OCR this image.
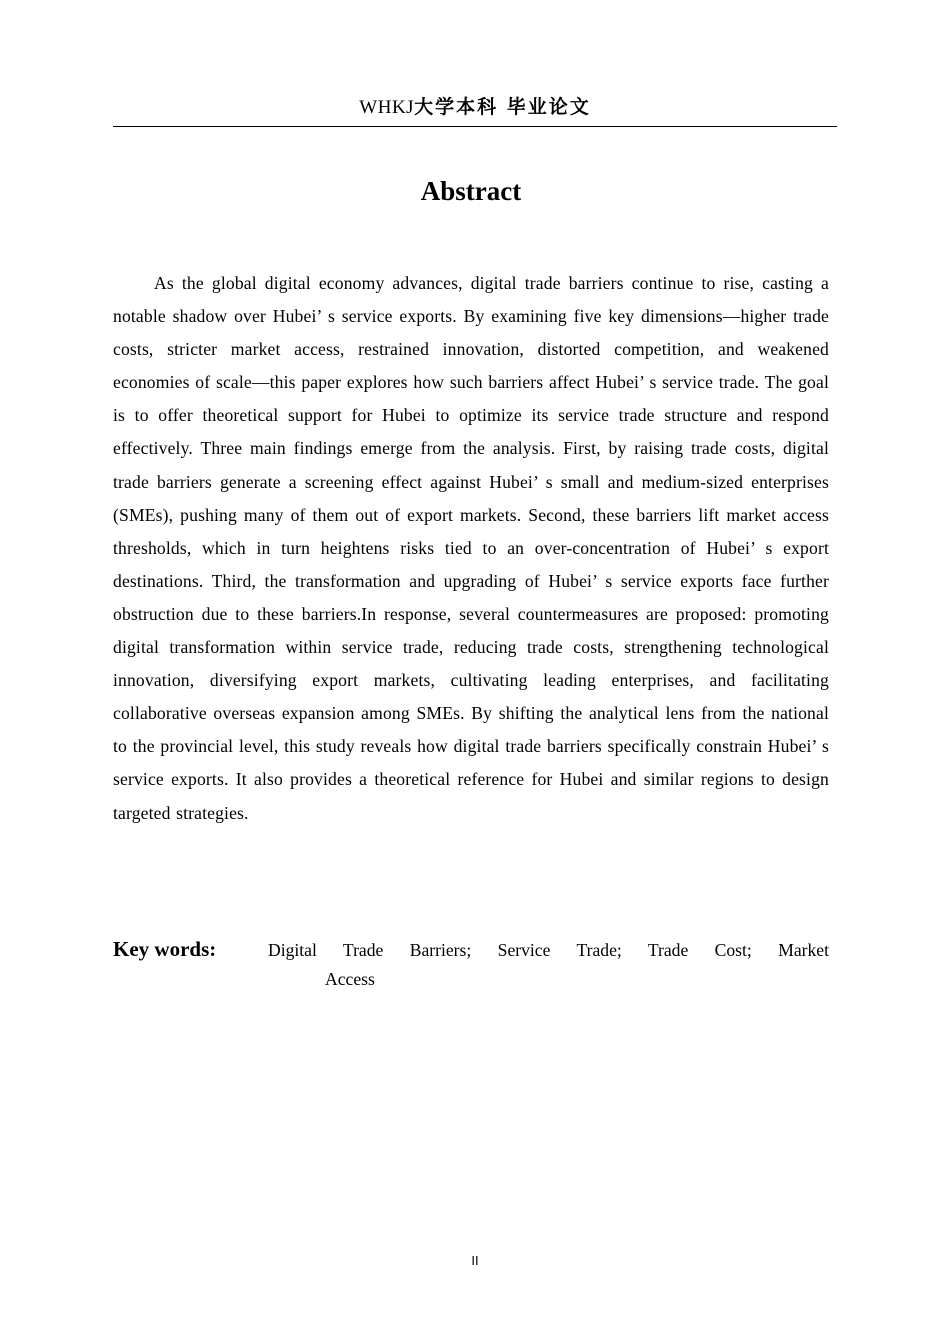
WHKJ大学本科 毕业论文
Abstract

As the global digital economy advances, digital trade barriers continue to rise, casting a notable shadow over Hubei’ s service exports. By examining five key dimensions—higher trade costs, stricter market access, restrained innovation, distorted competition, and weakened economies of scale—this paper explores how such barriers affect Hubei’ s service trade. The goal is to offer theoretical support for Hubei to optimize its service trade structure and respond effectively. Three main findings emerge from the analysis. First, by raising trade costs, digital trade barriers generate a screening effect against Hubei’ s small and medium-sized enterprises (SMEs), pushing many of them out of export markets. Second, these barriers lift market access thresholds, which in turn heightens risks tied to an over-concentration of Hubei’ s export destinations. Third, the transformation and upgrading of Hubei’ s service exports face further obstruction due to these barriers.In response, several countermeasures are proposed: promoting digital transformation within service trade, reducing trade costs, strengthening technological innovation, diversifying export markets, cultivating leading enterprises, and facilitating collaborative overseas expansion among SMEs. By shifting the analytical lens from the national to the provincial level, this study reveals how digital trade barriers specifically constrain Hubei’ s service exports. It also provides a theoretical reference for Hubei and similar regions to design targeted strategies.

Key words:	Digital Trade Barriers; Service Trade; Trade Cost; Market
Access
II
